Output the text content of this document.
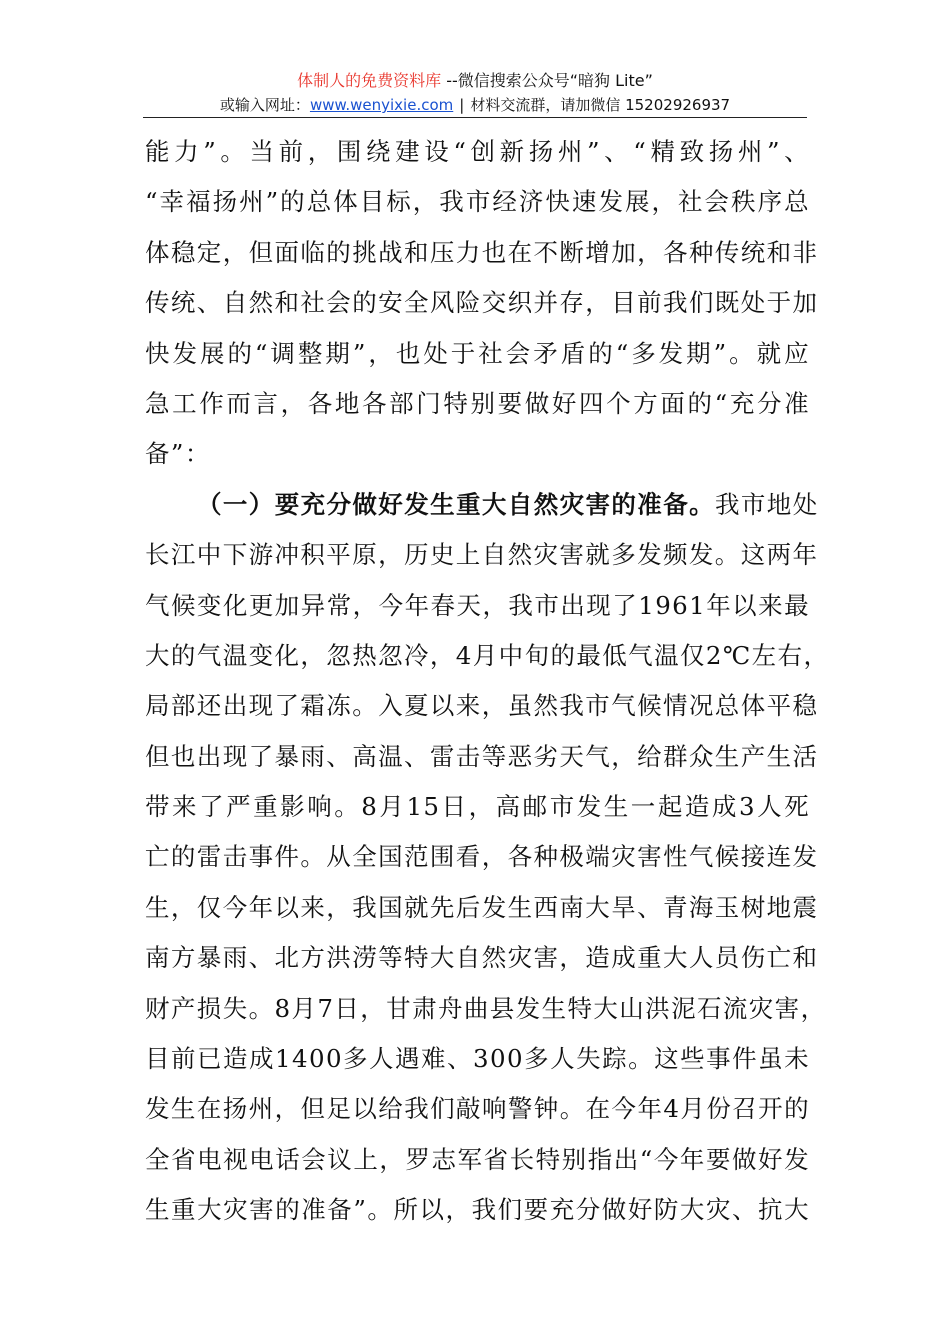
体制人的免费资料库 --微信搜索公众号“暗狗 Lite”
或输入网址：www.wenyixie.com | 材料交流群，请加微信 15202926937
能力”。当前，围绕建设“创新扬州”、“精致扬州”、
“幸福扬州”的总体目标，我市经济快速发展，社会秩序总
体稳定，但面临的挑战和压力也在不断增加，各种传统和非
传统、自然和社会的安全风险交织并存，目前我们既处于加
快发展的“调整期”，也处于社会矛盾的“多发期”。就应
急工作而言，各地各部门特别要做好四个方面的“充分准
备”：
（一）要充分做好发生重大自然灾害的准备。我市地处
长江中下游冲积平原，历史上自然灾害就多发频发。这两年
气候变化更加异常，今年春天，我市出现了1961年以来最
大的气温变化，忽热忽冷，4月中旬的最低气温仅2℃左右，
局部还出现了霜冻。入夏以来，虽然我市气候情况总体平稳
但也出现了暴雨、高温、雷击等恶劣天气，给群众生产生活
带来了严重影响。8月15日，高邮市发生一起造成3人死
亡的雷击事件。从全国范围看，各种极端灾害性气候接连发
生，仅今年以来，我国就先后发生西南大旱、青海玉树地震
南方暴雨、北方洪涝等特大自然灾害，造成重大人员伤亡和
财产损失。8月7日，甘肃舟曲县发生特大山洪泥石流灾害，
目前已造成1400多人遇难、300多人失踪。这些事件虽未
发生在扬州，但足以给我们敲响警钟。在今年4月份召开的
全省电视电话会议上，罗志军省长特别指出“今年要做好发
生重大灾害的准备”。所以，我们要充分做好防大灾、抗大
